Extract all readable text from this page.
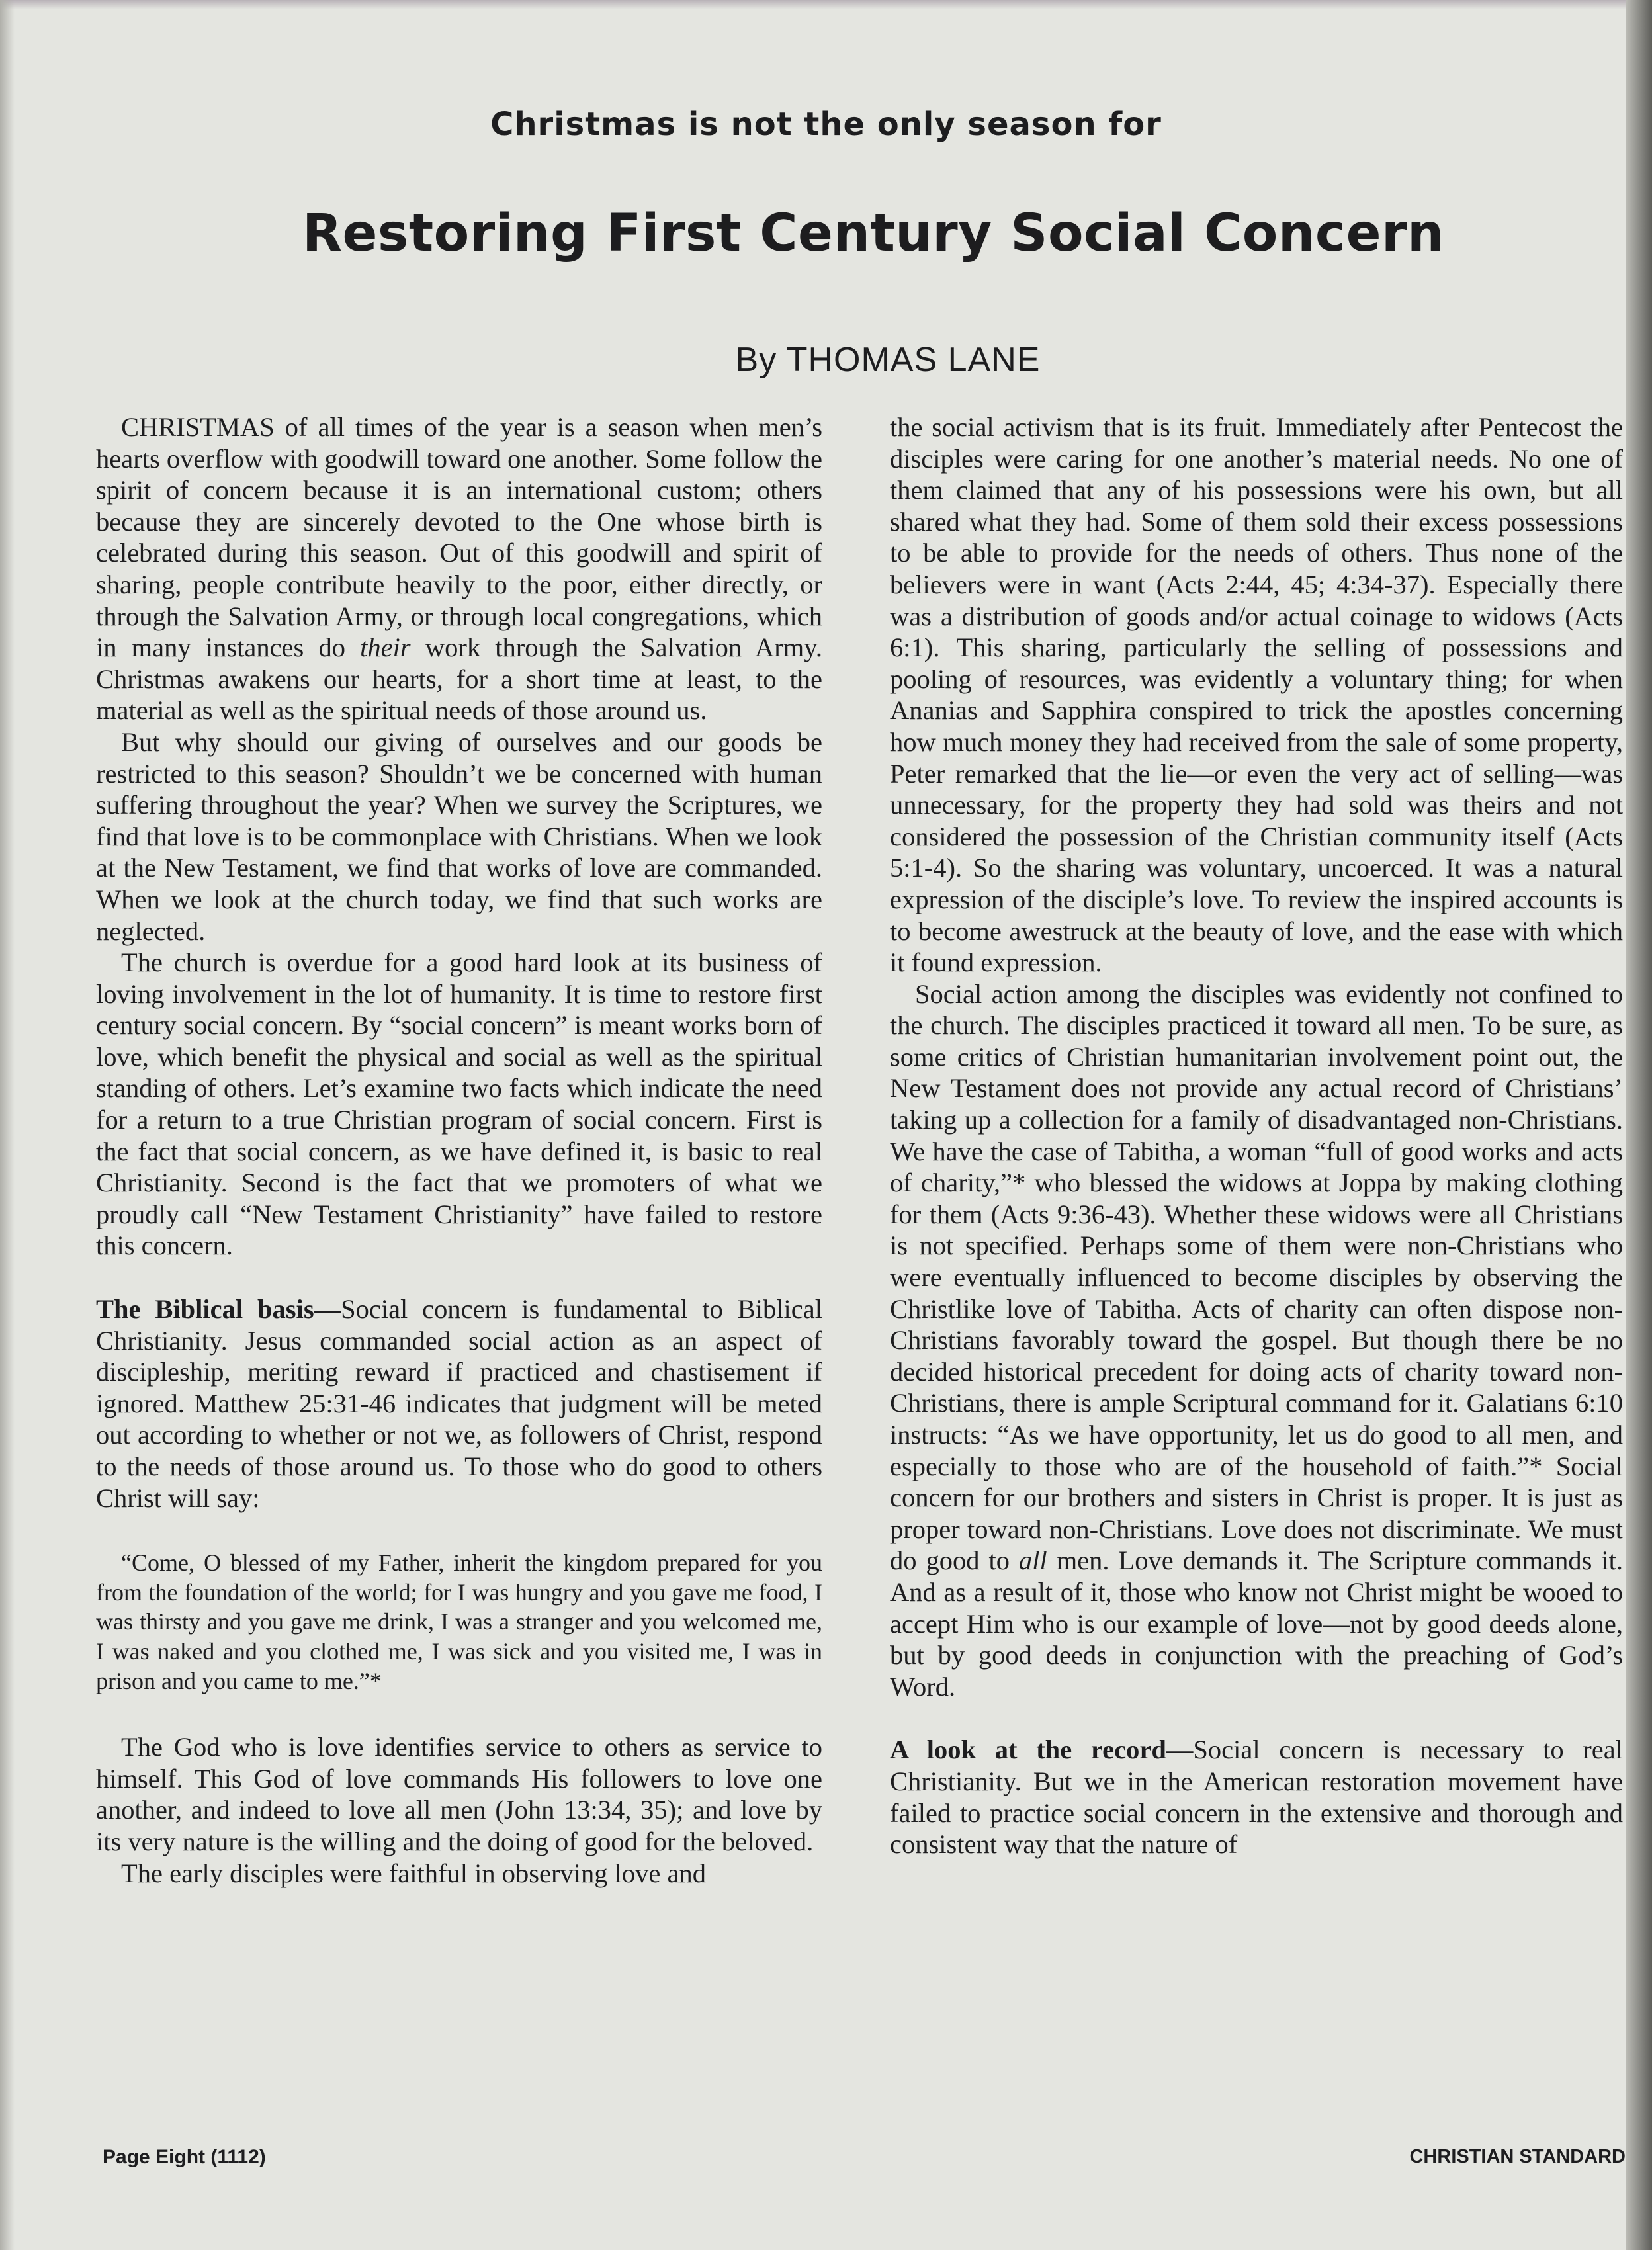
Christmas is not the only season for
Restoring First Century Social Concern
By THOMAS LANE

CHRISTMAS of all times of the year is a season when men’s hearts overflow with goodwill toward one another. Some follow the spirit of concern because it is an international custom; others because they are sincerely devoted to the One whose birth is celebrated during this season. Out of this goodwill and spirit of sharing, people contribute heavily to the poor, either directly, or through the Salvation Army, or through local congregations, which in many instances do their work through the Salvation Army. Christmas awakens our hearts, for a short time at least, to the material as well as the spiritual needs of those around us.

But why should our giving of ourselves and our goods be restricted to this season? Shouldn’t we be concerned with human suffering throughout the year? When we survey the Scriptures, we find that love is to be commonplace with Christians. When we look at the New Testament, we find that works of love are commanded. When we look at the church today, we find that such works are neglected.

The church is overdue for a good hard look at its business of loving involvement in the lot of humanity. It is time to restore first century social concern. By “social concern” is meant works born of love, which benefit the physical and social as well as the spiritual standing of others. Let’s examine two facts which indicate the need for a return to a true Christian program of social concern. First is the fact that social concern, as we have defined it, is basic to real Christianity. Second is the fact that we promoters of what we proudly call “New Testament Christianity” have failed to restore this concern.

The Biblical basis—Social concern is fundamental to Biblical Christianity. Jesus commanded social action as an aspect of discipleship, meriting reward if practiced and chastisement if ignored. Matthew 25:31-46 indicates that judgment will be meted out according to whether or not we, as followers of Christ, respond to the needs of those around us. To those who do good to others Christ will say:

“Come, O blessed of my Father, inherit the kingdom prepared for you from the foundation of the world; for I was hungry and you gave me food, I was thirsty and you gave me drink, I was a stranger and you welcomed me, I was naked and you clothed me, I was sick and you visited me, I was in prison and you came to me.”*

The God who is love identifies service to others as service to himself. This God of love commands His followers to love one another, and indeed to love all men (John 13:34, 35); and love by its very nature is the willing and the doing of good for the beloved.

The early disciples were faithful in observing love and

the social activism that is its fruit. Immediately after Pentecost the disciples were caring for one another’s material needs. No one of them claimed that any of his possessions were his own, but all shared what they had. Some of them sold their excess possessions to be able to provide for the needs of others. Thus none of the believers were in want (Acts 2:44, 45; 4:34-37). Especially there was a distribution of goods and/or actual coinage to widows (Acts 6:1). This sharing, particularly the selling of possessions and pooling of resources, was evidently a voluntary thing; for when Ananias and Sapphira conspired to trick the apostles concerning how much money they had received from the sale of some property, Peter remarked that the lie—or even the very act of selling—was unnecessary, for the property they had sold was theirs and not considered the possession of the Christian community itself (Acts 5:1-4). So the sharing was voluntary, uncoerced. It was a natural expression of the disciple’s love. To review the inspired accounts is to become awestruck at the beauty of love, and the ease with which it found expression.

Social action among the disciples was evidently not confined to the church. The disciples practiced it toward all men. To be sure, as some critics of Christian humanitarian involvement point out, the New Testament does not provide any actual record of Christians’ taking up a collection for a family of disadvantaged non-Christians. We have the case of Tabitha, a woman “full of good works and acts of charity,”* who blessed the widows at Joppa by making clothing for them (Acts 9:36-43). Whether these widows were all Christians is not specified. Perhaps some of them were non-Christians who were eventually influenced to become disciples by observing the Christlike love of Tabitha. Acts of charity can often dispose non-Christians favorably toward the gospel. But though there be no decided historical precedent for doing acts of charity toward non-Christians, there is ample Scriptural command for it. Galatians 6:10 instructs: “As we have opportunity, let us do good to all men, and especially to those who are of the household of faith.”* Social concern for our brothers and sisters in Christ is proper. It is just as proper toward non-Christians. Love does not discriminate. We must do good to all men. Love demands it. The Scripture commands it. And as a result of it, those who know not Christ might be wooed to accept Him who is our example of love—not by good deeds alone, but by good deeds in conjunction with the preaching of God’s Word.

A look at the record—Social concern is necessary to real Christianity. But we in the American restoration movement have failed to practice social concern in the extensive and thorough and consistent way that the nature of

Page Eight (1112)	CHRISTIAN STANDARD
